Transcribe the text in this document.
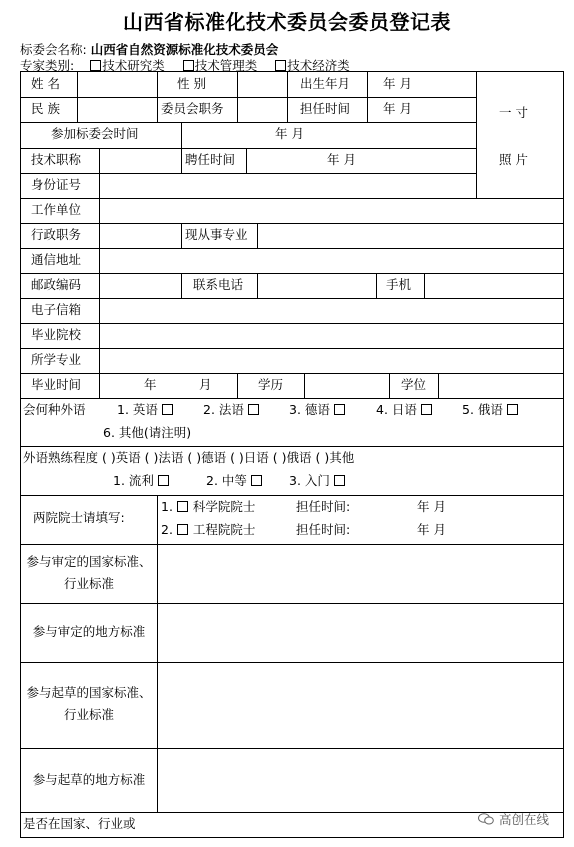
山西省标准化技术委员会委员登记表
标委会名称: 山西省自然资源标准化技术委员会
专家类别: 技术研究类 技术管理类 技术经济类
姓 名	性 别	出生年月	年 月
民 族	委员会职务	担任时间	年 月	一 寸
照 片
参加标委会时间	年 月
技术职称	聘任时间	年 月
身份证号
工作单位
行政职务	现从事专业
通信地址
邮政编码	联系电话	手机
电子信箱
毕业院校
所学专业
毕业时间	年	月	学历	学位
会何种外语	1. 英语	2. 法语	3. 德语	4. 日语	5. 俄语
6. 其他(请注明)
外语熟练程度 ( )英语 ( )法语 ( )德语 ( )日语 ( )俄语 ( )其他
1. 流利	2. 中等	3. 入门
两院院士请填写:
1. 科学院院士	担任时间:	年 月
2. 工程院院士	担任时间:	年 月
参与审定的国家标准、行业标准
参与审定的地方标准
参与起草的国家标准、行业标准
参与起草的地方标准
是否在国家、行业或	高创在线
